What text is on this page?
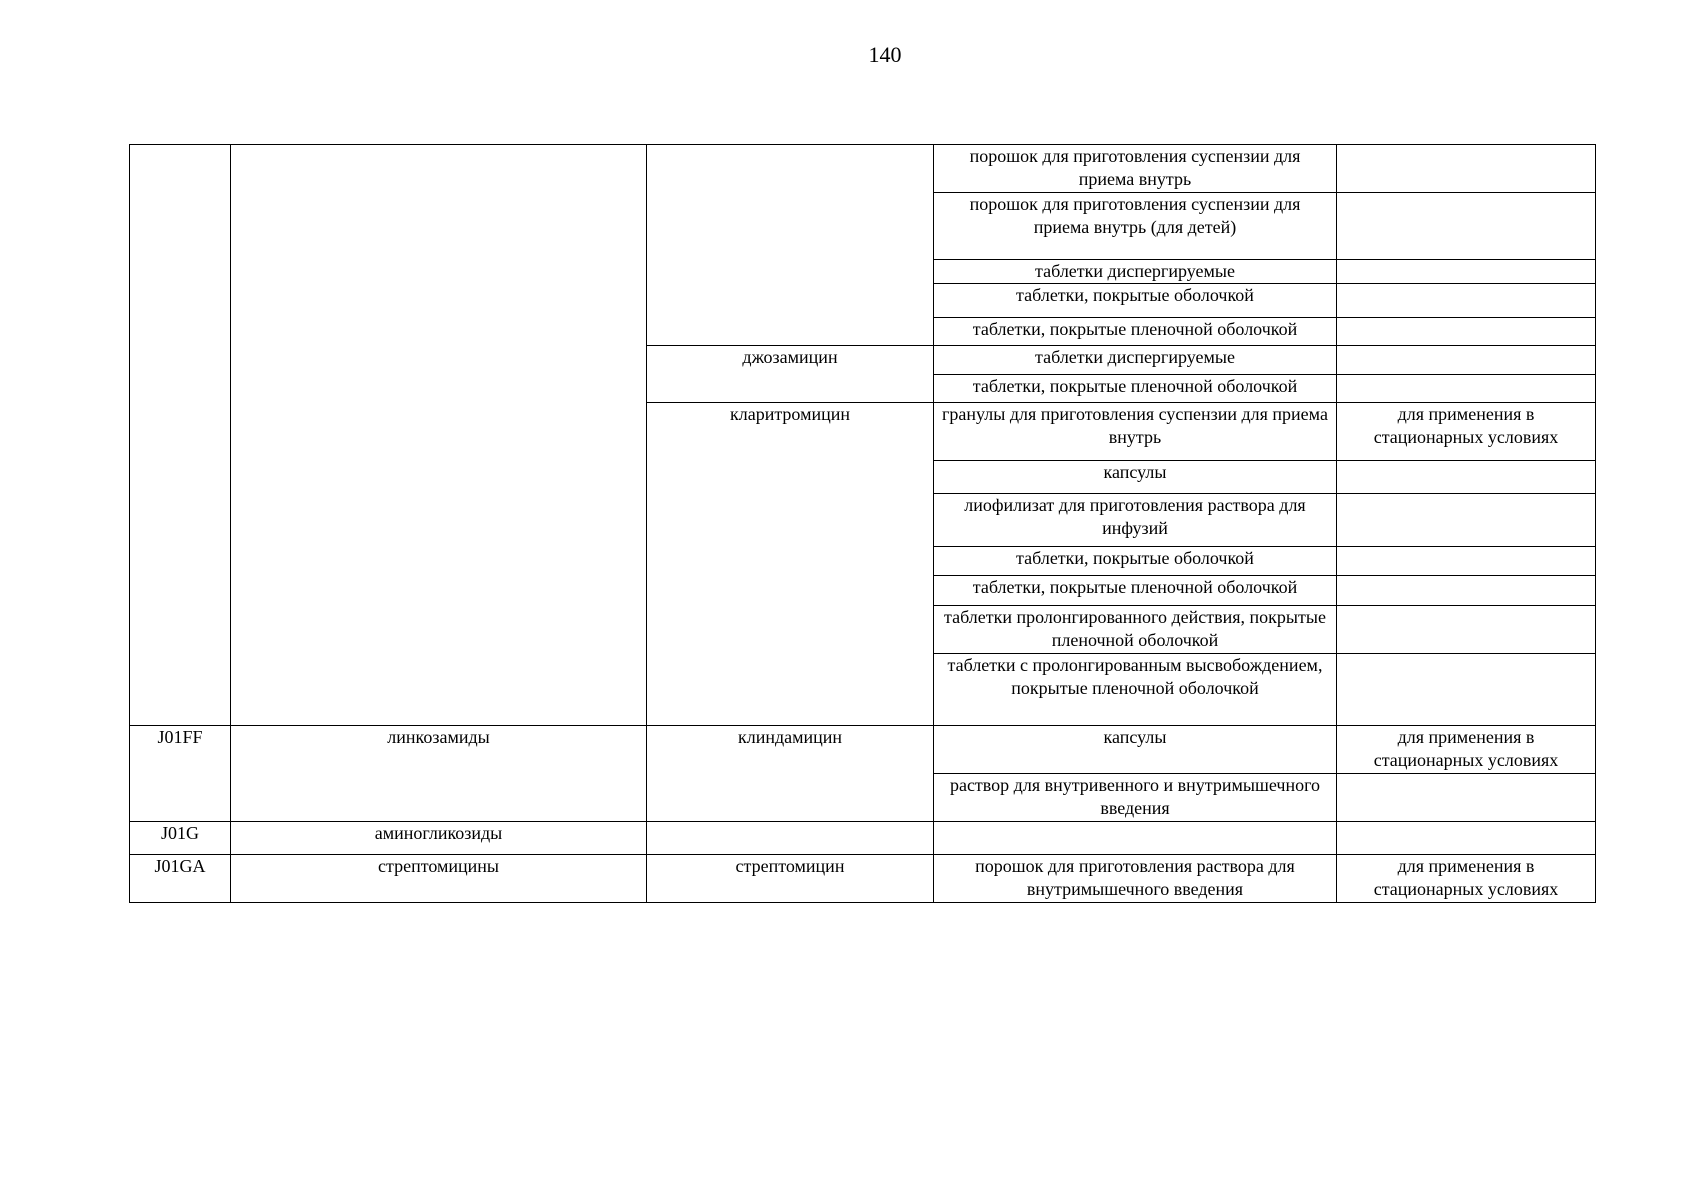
140
			порошок для приготовления суспензии для приема внутрь	
			порошок для приготовления суспензии для приема внутрь (для детей)	
			таблетки диспергируемые	
			таблетки, покрытые оболочкой	
			таблетки, покрытые пленочной оболочкой	
		джозамицин	таблетки диспергируемые	
			таблетки, покрытые пленочной оболочкой	
		кларитромицин	гранулы для приготовления суспензии для приема внутрь	для применения в стационарных условиях
			капсулы	
			лиофилизат для приготовления раствора для инфузий	
			таблетки, покрытые оболочкой	
			таблетки, покрытые пленочной оболочкой	
			таблетки пролонгированного действия, покрытые пленочной оболочкой	
			таблетки с пролонгированным высвобождением, покрытые пленочной оболочкой	
J01FF	линкозамиды	клиндамицин	капсулы	для применения в стационарных условиях
			раствор для внутривенного и внутримышечного введения	
J01G	аминогликозиды			
J01GA	стрептомицины	стрептомицин	порошок для приготовления раствора для внутримышечного введения	для применения в стационарных условиях
